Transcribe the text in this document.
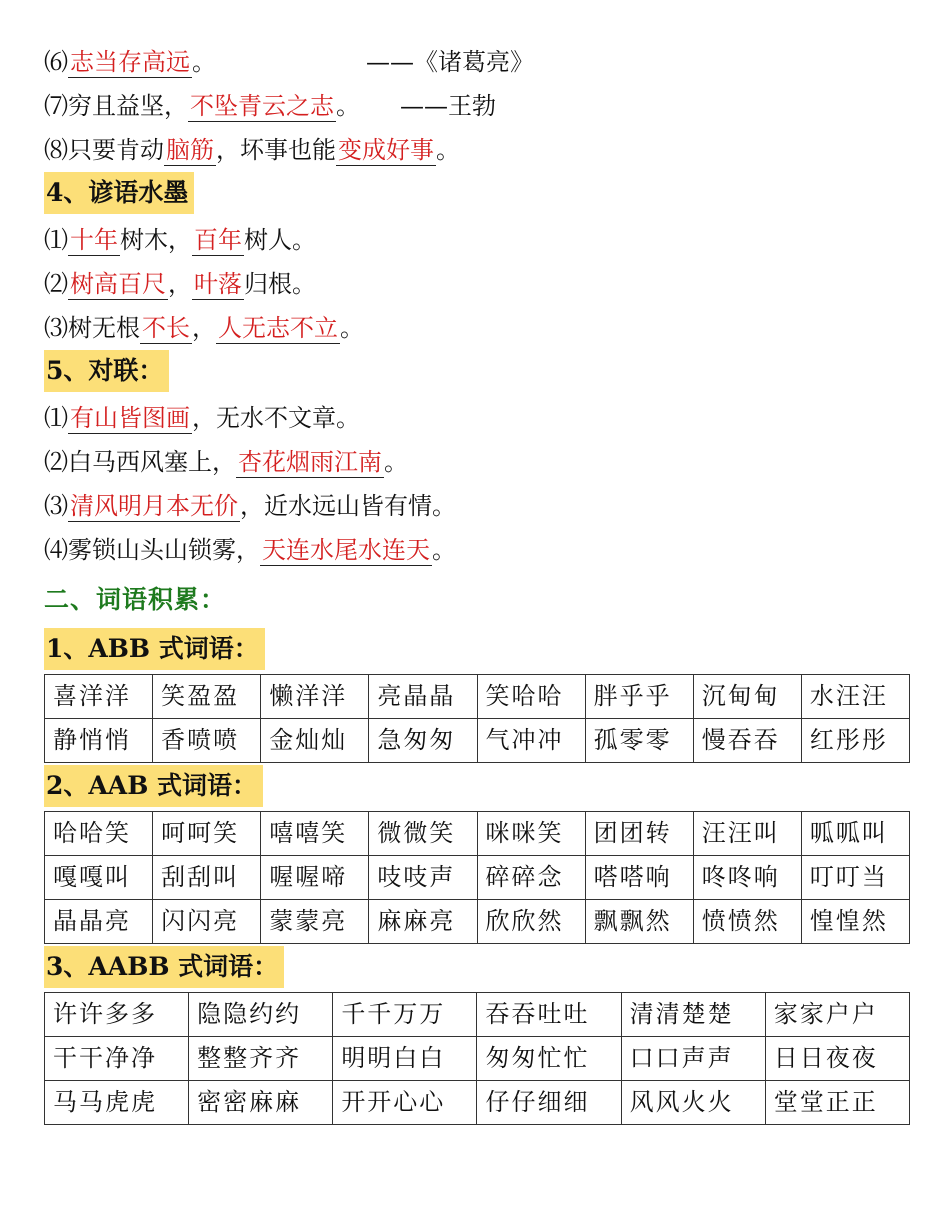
⑹志当存高远。	——《诸葛亮》
⑺穷且益坚，不坠青云之志。 ——王勃
⑻只要肯动脑筋，坏事也能变成好事。
4、谚语水墨
⑴十年树木，百年树人。
⑵树高百尺，叶落归根。
⑶树无根不长，人无志不立。
5、对联：
⑴有山皆图画，无水不文章。
⑵白马西风塞上，杏花烟雨江南。
⑶清风明月本无价，近水远山皆有情。
⑷雾锁山头山锁雾，天连水尾水连天。
二、词语积累：
1、ABB 式词语：
喜洋洋	笑盈盈	懒洋洋	亮晶晶	笑哈哈	胖乎乎	沉甸甸	水汪汪
静悄悄	香喷喷	金灿灿	急匆匆	气冲冲	孤零零	慢吞吞	红彤彤
2、AAB 式词语：
哈哈笑	呵呵笑	嘻嘻笑	微微笑	咪咪笑	团团转	汪汪叫	呱呱叫
嘎嘎叫	刮刮叫	喔喔啼	吱吱声	碎碎念	嗒嗒响	咚咚响	叮叮当
晶晶亮	闪闪亮	蒙蒙亮	麻麻亮	欣欣然	飘飘然	愤愤然	惶惶然
3、AABB 式词语：
许许多多	隐隐约约	千千万万	吞吞吐吐	清清楚楚	家家户户
干干净净	整整齐齐	明明白白	匆匆忙忙	口口声声	日日夜夜
马马虎虎	密密麻麻	开开心心	仔仔细细	风风火火	堂堂正正
